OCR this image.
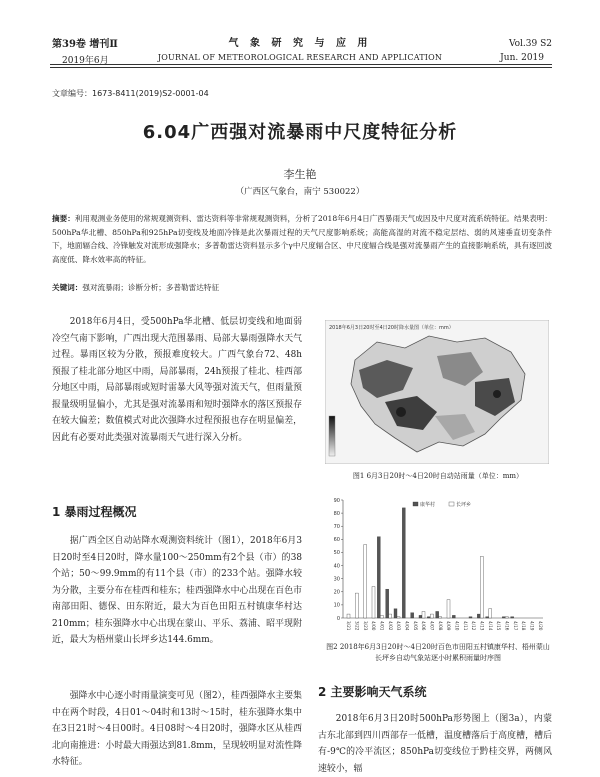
第39卷 增刊Ⅱ
2019年6月
气 象 研 究 与 应 用
JOURNAL OF METEOROLOGICAL RESEARCH AND APPLICATION
Vol.39 S2
Jun. 2019
文章编号：1673-8411(2019)S2-0001-04
6.04广西强对流暴雨中尺度特征分析
李生艳
（广西区气象台，南宁 530022）
摘要：利用观测业务使用的常规观测资料、雷达资料等非常规观测资料，分析了2018年6月4日广西暴雨天气成因及中尺度对流系统特征。结果表明：500hPa华北槽、850hPa和925hPa切变线及地面冷锋是此次暴雨过程的天气尺度影响系统；高能高湿的对流不稳定层结、弱的风速垂直切变条件下，地面辐合线、冷锋触发对流形成强降水；多普勒雷达资料显示多个γ中尺度辐合区、中尺度辐合线是强对流暴雨产生的直接影响系统，具有逐回波高度低、降水效率高的特征。
关键词：强对流暴雨；诊断分析；多普勒雷达特征

2018年6月4日，受500hPa华北槽、低层切变线和地面弱冷空气南下影响，广西出现大范围暴雨、局部大暴雨强降水天气过程。暴雨区较为分散，预报难度较大。广西气象台72、48h预报了桂北部分地区中雨，局部暴雨，24h预报了桂北、桂西部分地区中雨，局部暴雨或短时雷暴大风等强对流天气，但雨量预报量级明显偏小，尤其是强对流暴雨和短时强降水的落区预报存在较大偏差；数值模式对此次强降水过程预报也存在明显偏差，因此有必要对此类强对流暴雨天气进行深入分析。

1 暴雨过程概况

据广西全区自动站降水观测资料统计（图1），2018年6月3日20时至4日20时，降水量100～250mm有2个县（市）的38个站；50～99.9mm的有11个县（市）的233个站。强降水较为分散，主要分布在桂西和桂东；桂西强降水中心出现在百色市南部田阳、德保、田东附近，最大为百色田阳五村镇康华村达210mm；桂东强降水中心出现在蒙山、平乐、荔浦、昭平现附近，最大为梧州蒙山长坪乡达144.6mm。

强降水中心逐小时雨量演变可见（图2），桂西强降水主要集中在两个时段，4日01～04时和13时～15时，桂东强降水集中在3日21时～4日00时。4日08时～4日20时，强降水区从桂西北向南推进：小时最大雨强达到81.8mm，呈现较明显对流性降水特征。

2018年6月3日20时至4日20时降水量图（单位：mm）
图1 6月3日20时～4日20时自动站雨量（单位：mm）
0
10
20
30
40
50
60
70
80
90
3/21 3/22 3/23 4/00 4/01 4/02 4/03 4/04 4/05 4/06 4/07 4/08 4/09 4/10 4/11 4/12 4/13 4/14 4/15 4/16 4/17 4/18 4/19 4/20
康华村	长坪乡
图2 2018年6月3日20时～4日20时百色市田阳五村镇康华村、梧州蒙山长坪乡自动气象站逐小时累积雨量时序图
2 主要影响天气系统

2018年6月3日20时500hPa形势图上（图3a），内蒙古东北部到四川西部存一低槽，温度槽落后于高度槽，槽后有-9℃的冷平流区；850hPa切变线位于黔桂交界，两侧风速较小，辐
